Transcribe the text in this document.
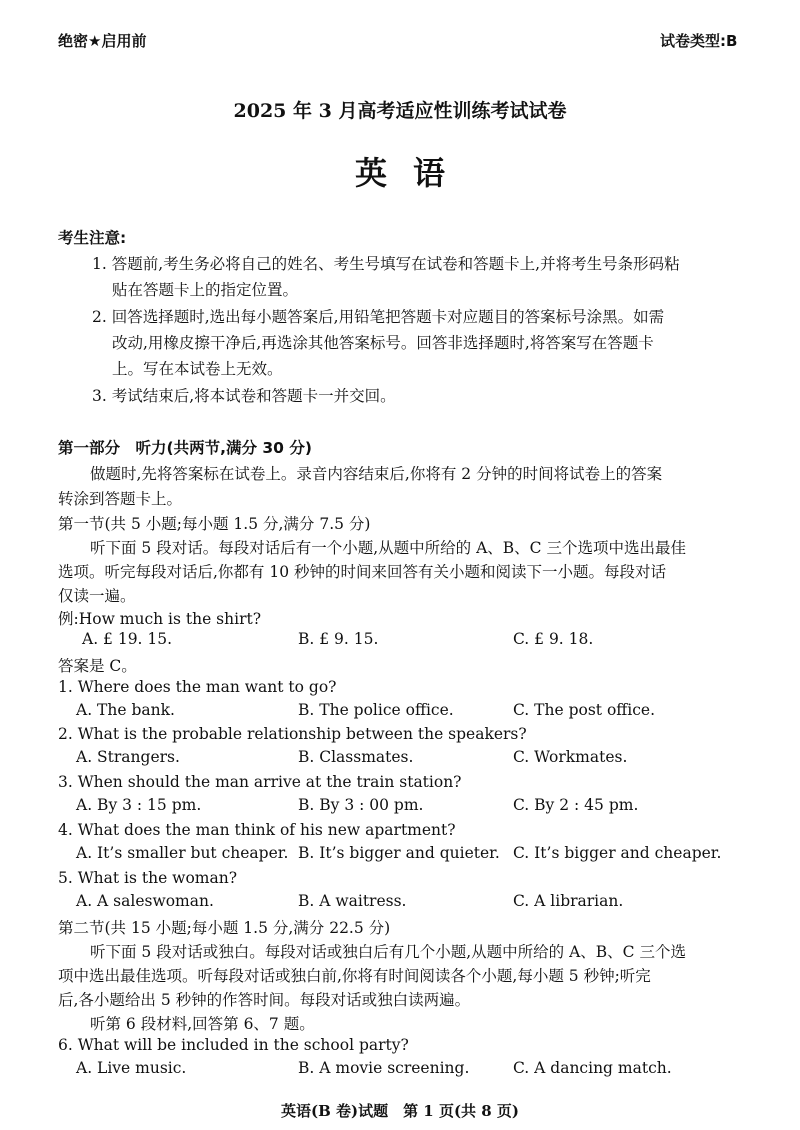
绝密★启用前	试卷类型:B
2025 年 3 月高考适应性训练考试试卷
英语
考生注意:
1. 答题前,考生务必将自己的姓名、考生号填写在试卷和答题卡上,并将考生号条形码粘
贴在答题卡上的指定位置。
2. 回答选择题时,选出每小题答案后,用铅笔把答题卡对应题目的答案标号涂黑。如需
改动,用橡皮擦干净后,再选涂其他答案标号。回答非选择题时,将答案写在答题卡
上。写在本试卷上无效。
3. 考试结束后,将本试卷和答题卡一并交回。
第一部分　听力(共两节,满分 30 分)
做题时,先将答案标在试卷上。录音内容结束后,你将有 2 分钟的时间将试卷上的答案
转涂到答题卡上。
第一节(共 5 小题;每小题 1.5 分,满分 7.5 分)
听下面 5 段对话。每段对话后有一个小题,从题中所给的 A、B、C 三个选项中选出最佳
选项。听完每段对话后,你都有 10 秒钟的时间来回答有关小题和阅读下一小题。每段对话
仅读一遍。
例:How much is the shirt?
A. £ 19. 15.	B. £ 9. 15.	C. £ 9. 18.
答案是 C。
1. Where does the man want to go?
A. The bank.	B. The police office.	C. The post office.
2. What is the probable relationship between the speakers?
A. Strangers.	B. Classmates.	C. Workmates.
3. When should the man arrive at the train station?
A. By 3 : 15 pm.	B. By 3 : 00 pm.	C. By 2 : 45 pm.
4. What does the man think of his new apartment?
A. It’s smaller but cheaper. B. It’s bigger and quieter. C. It’s bigger and cheaper.
5. What is the woman?
A. A saleswoman.	B. A waitress.	C. A librarian.
第二节(共 15 小题;每小题 1.5 分,满分 22.5 分)
听下面 5 段对话或独白。每段对话或独白后有几个小题,从题中所给的 A、B、C 三个选
项中选出最佳选项。听每段对话或独白前,你将有时间阅读各个小题,每小题 5 秒钟;听完
后,各小题给出 5 秒钟的作答时间。每段对话或独白读两遍。
听第 6 段材料,回答第 6、7 题。
6. What will be included in the school party?
A. Live music.	B. A movie screening.	C. A dancing match.
英语(B 卷)试题　第 1 页(共 8 页)
